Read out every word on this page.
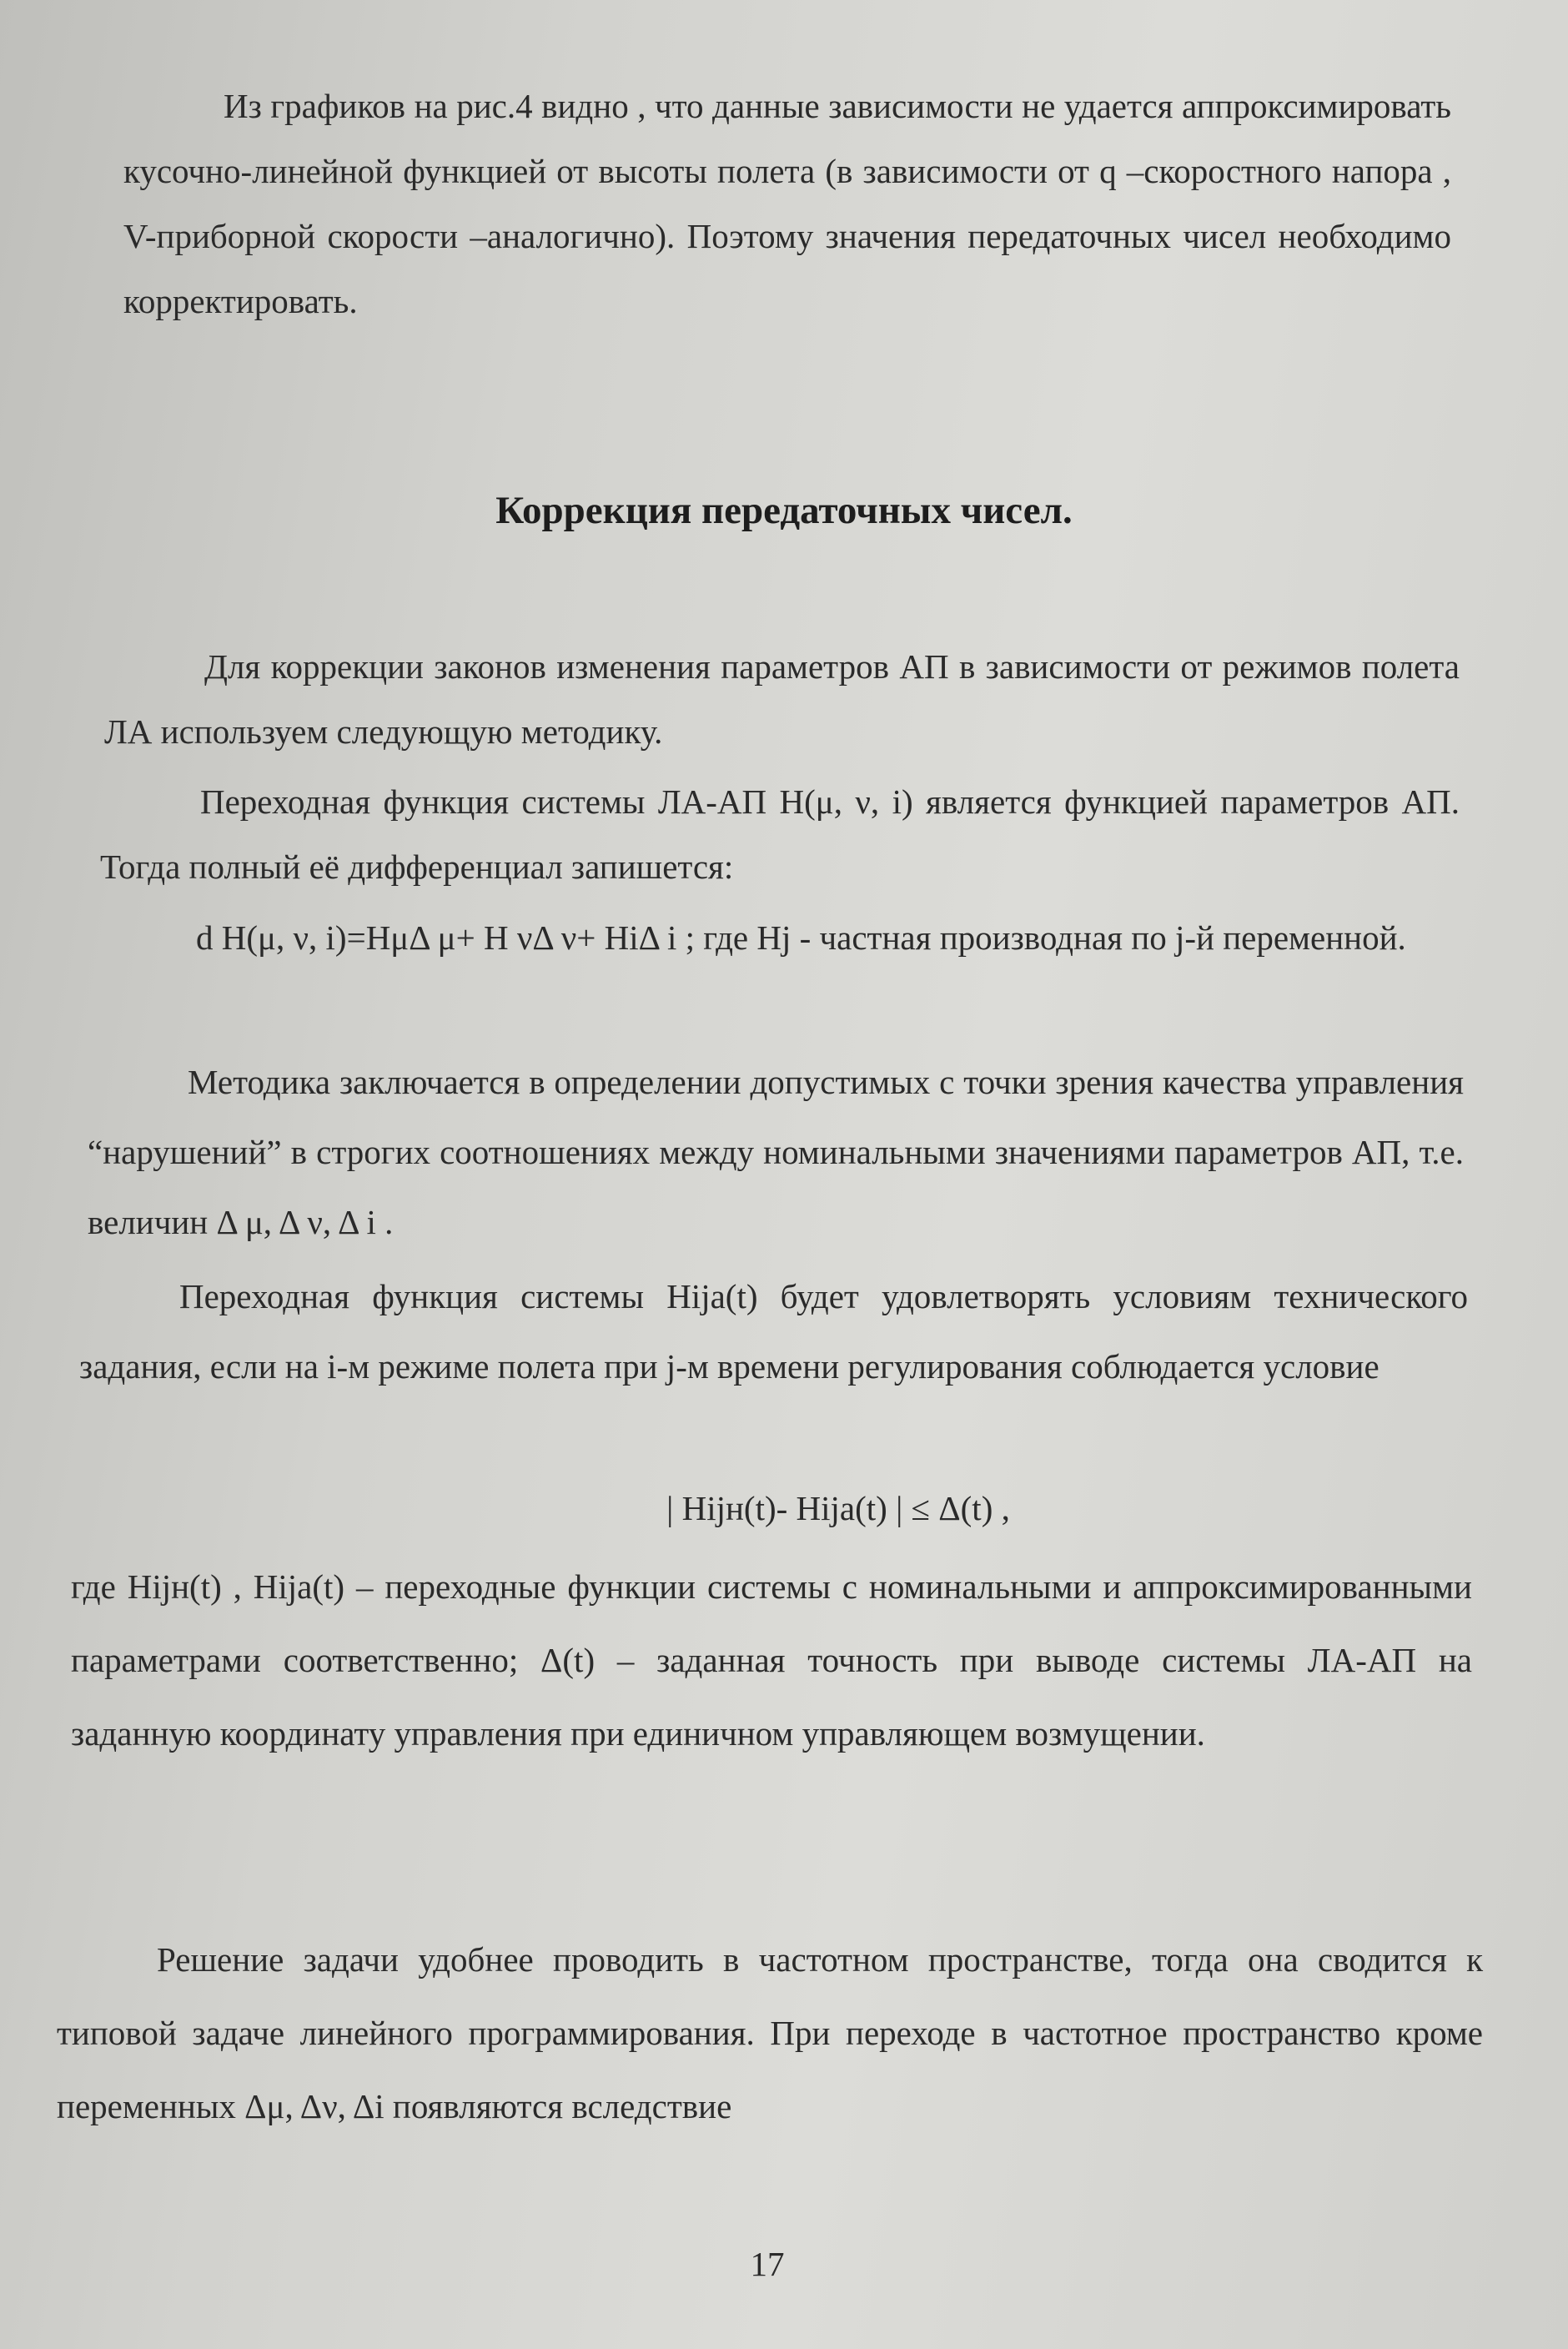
Из графиков на рис.4 видно , что данные зависимости не удается аппроксимировать кусочно-линейной функцией от высоты полета (в зависимости от q –скоростного напора , V-приборной скорости –аналогично). Поэтому значения передаточных чисел необходимо корректировать.

Коррекция передаточных чисел.

Для коррекции законов изменения параметров АП в зависимости от режимов полета ЛА используем следующую методику.

Переходная функция системы ЛА-АП H(μ, ν, i) является функцией параметров АП. Тогда полный её дифференциал запишется:

d H(μ, ν, i)=HμΔ μ+ H νΔ ν+ HiΔ i ; где Hj - частная производная по j-й переменной.

Методика заключается в определении допустимых с точки зрения качества управления “нарушений” в строгих соотношениях между номинальными значениями параметров АП, т.е. величин Δ μ, Δ ν, Δ i .

Переходная функция системы Hijа(t) будет удовлетворять условиям технического задания, если на i-м режиме полета при j-м времени регулирования соблюдается условие

| Hijн(t)- Hijа(t) | ≤ Δ(t) ,

где Hijн(t) , Hijа(t) – переходные функции системы с номинальными и аппроксимированными параметрами соответственно; Δ(t) – заданная точность при выводе системы ЛА-АП на заданную координату управления при единичном управляющем возмущении.

Решение задачи удобнее проводить в частотном пространстве, тогда она сводится к типовой задаче линейного программирования. При переходе в частотное пространство кроме переменных Δμ, Δν, Δi появляются вследствие

17
